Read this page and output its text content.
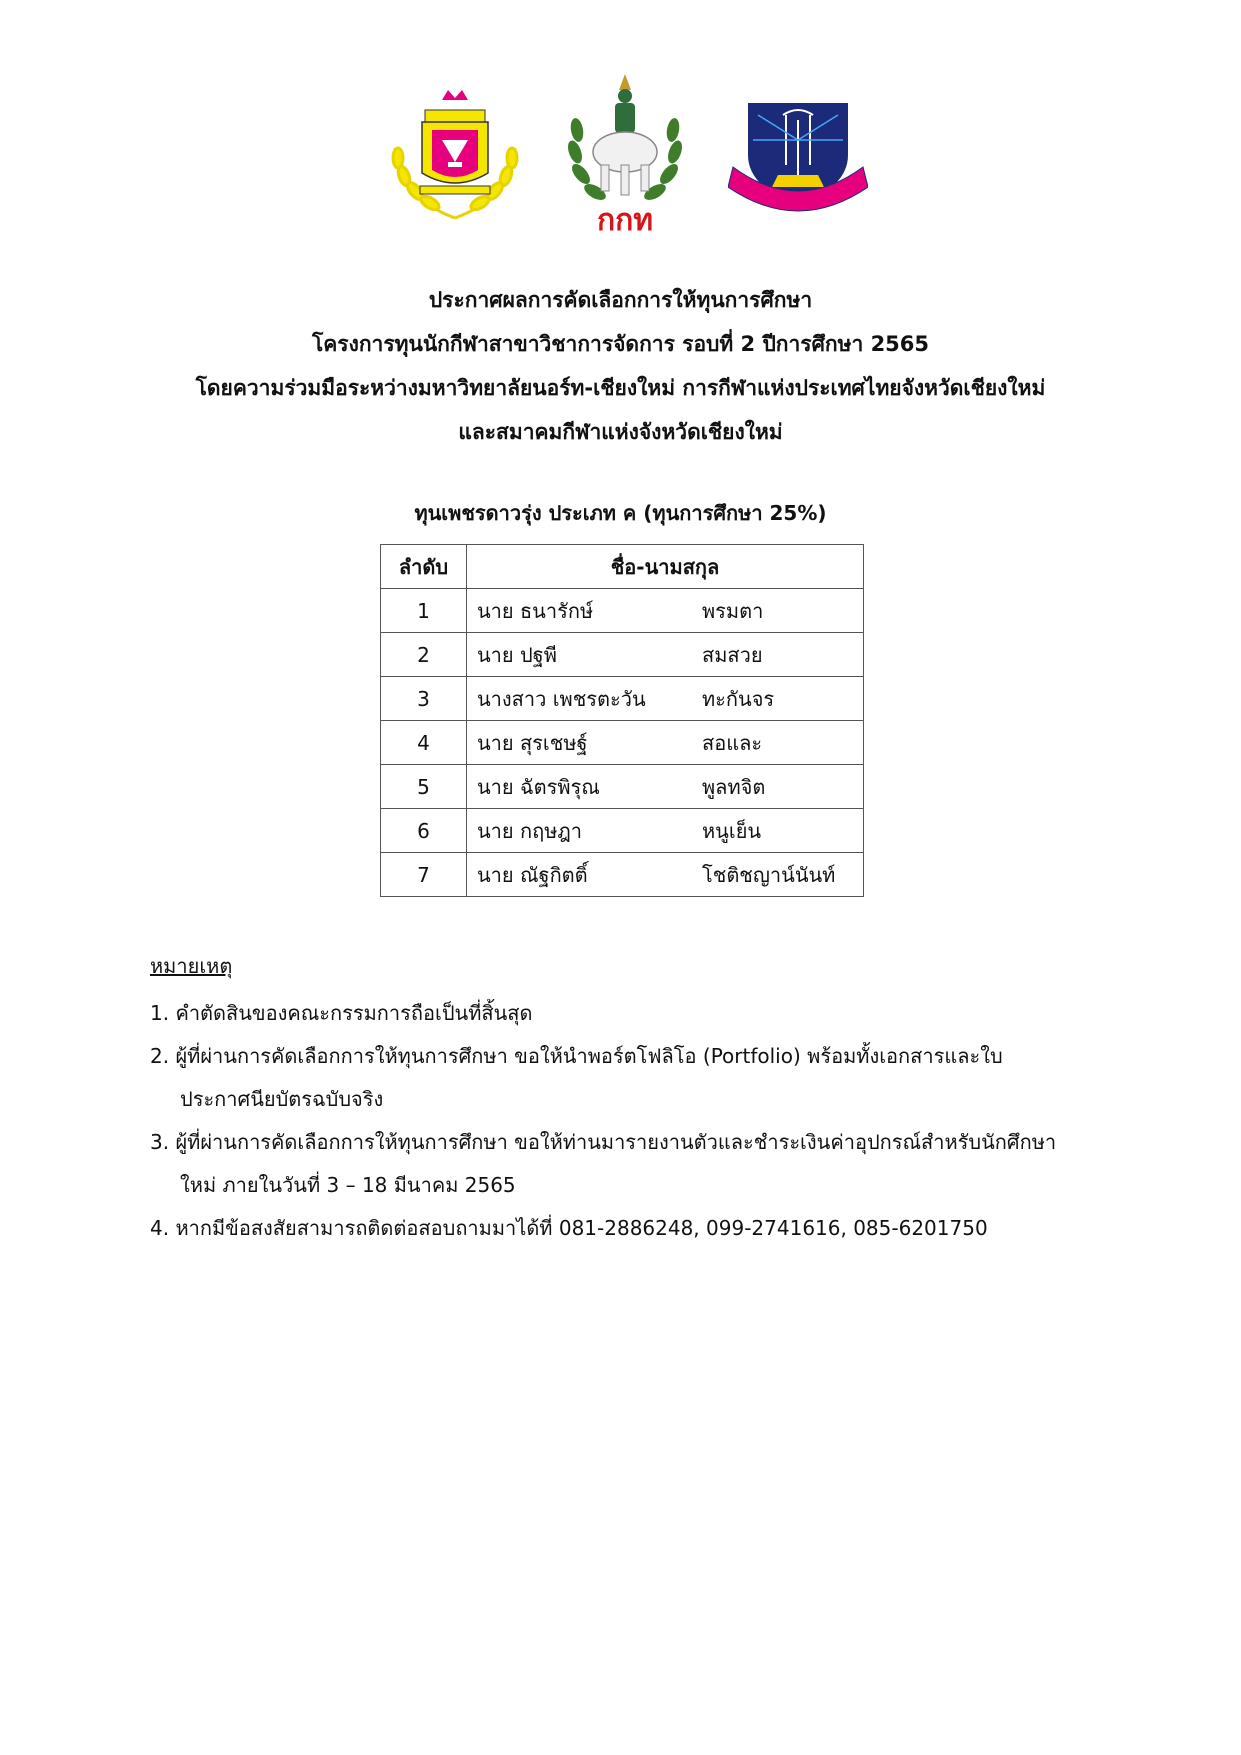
กกท
ประกาศผลการคัดเลือกการให้ทุนการศึกษา
โครงการทุนนักกีฬาสาขาวิชาการจัดการ รอบที่ 2 ปีการศึกษา 2565
โดยความร่วมมือระหว่างมหาวิทยาลัยนอร์ท-เชียงใหม่ การกีฬาแห่งประเทศไทยจังหวัดเชียงใหม่
และสมาคมกีฬาแห่งจังหวัดเชียงใหม่
ทุนเพชรดาวรุ่ง ประเภท ค (ทุนการศึกษา 25%)
ลำดับ	ชื่อ-นามสกุล
1	นาย ธนารักษ์ พรมตา
2	นาย ปฐพี สมสวย
3	นางสาว เพชรตะวัน ทะกันจร
4	นาย สุรเชษฐ์ สอและ
5	นาย ฉัตรพิรุณ พูลทจิต
6	นาย กฤษฎา หนูเย็น
7	นาย ณัฐกิตติ์ โชติชญาน์นันท์
หมายเหตุ
1. คำตัดสินของคณะกรรมการถือเป็นที่สิ้นสุด
2. ผู้ที่ผ่านการคัดเลือกการให้ทุนการศึกษา ขอให้นำพอร์ตโฟลิโอ (Portfolio) พร้อมทั้งเอกสารและใบ
ประกาศนียบัตรฉบับจริง
3. ผู้ที่ผ่านการคัดเลือกการให้ทุนการศึกษา ขอให้ท่านมารายงานตัวและชำระเงินค่าอุปกรณ์สำหรับนักศึกษา
ใหม่ ภายในวันที่ 3 – 18 มีนาคม 2565
4. หากมีข้อสงสัยสามารถติดต่อสอบถามมาได้ที่ 081-2886248, 099-2741616, 085-6201750
